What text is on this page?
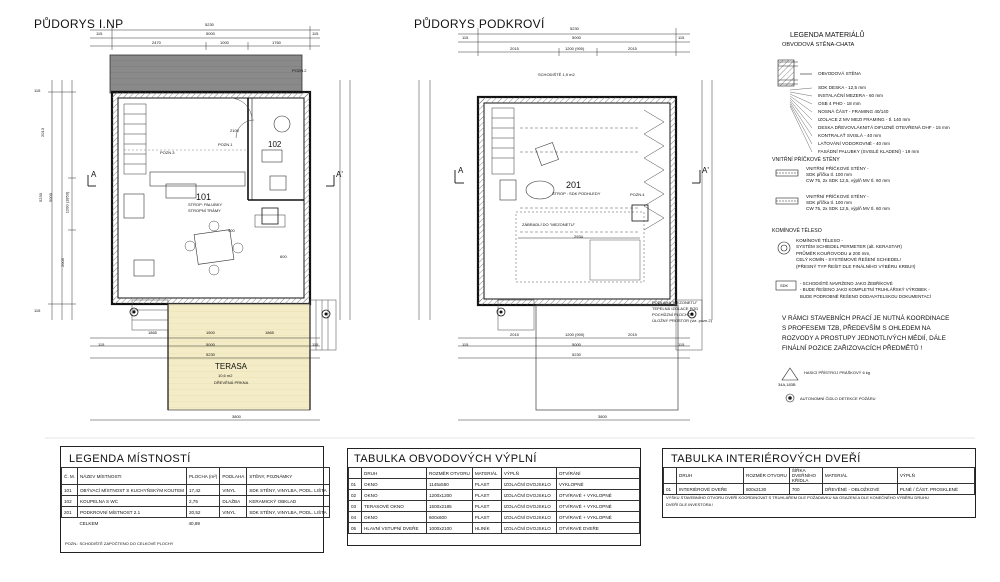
PŮDORYS I.NP	5230
115	5000	115
2470	1000	1760
115
2013
5000
5230	1200 (1850)
2005
115
1865	1500	1865
115	5000	115
5230
3800
101
STROP: PALUBKY
STROPNÍ TRÁMY
102
POZN.2
POZN.1
POZN.3
2100
900
600
TERASA
10,6 m2
DŘEVĚNÁ PRKNA
A	A'
PŮDORYS PODKROVÍ	5230
115	5000	115
2015	1200 (900)	2015
2015	1200 (900)	2015
115	5000	115
5230
3800
SCHODIŠTĚ 1,9 m2
201
STROP : SDK PODHLEDY	POZN.4
ZÁBRADLÍ DO "MEZONETU"
2934
PODLAHA "MEZONETU"
TEPELNÁ IZOLACE POD
POCHŮZNÍ PLOCHOU,
ÚLOŽNÝ PROSTOR (viz. pozn.2)
A	A'
LEGENDA MATERIÁLŮ
OBVODOVÁ STĚNA-CHATA
OBVODOVÁ STĚNA
SDK DESKA - 12,5 mm
INSTALAČNÍ MEZERA - 60 mm
OSB 4 PHD - 18 mm
NOSNÁ ČÁST - FRAMING 40/140
IZOLACE Z MV MEZI FRAMING - tl. 140 mm
DESKA DŘEVOVLÁKNITÁ DIFUZNĚ OTEVŘENÁ DHF - 15 mm
KONTRALAŤ SVISLÁ - 40 mm
LAŤOVÁNÍ VODOROVNÉ - 40 mm
FASÁDNÍ PALUBKY (SVISLÉ KLADENÍ) - 19 mm
VNITŘNÍ PŘÍČKOVÉ STĚNY
VNITŘNÍ PŘÍČKOVÉ STĚNY -
SDK příčka tl. 100 mm
CW 75, 2x SDK 12,5, výplň MV tl. 60 mm
VNITŘNÍ PŘÍČKOVÉ STĚNY -
SDK příčka tl. 100 mm
CW 75, 2x SDK 12,5, výplň MV tl. 60 mm
KOMÍNOVÉ TĚLESO
KOMÍNOVÉ TĚLESO -
SYSTÉM SCHIEDEL PERMETER (alt. KERASTAR)
PRŮMĚR KOUŘOVODU ø 200 mm,
CELÝ KOMÍN - SYSTÉMOVÉ ŘEŠENÍ SCHIEDEL!
(PŘESNÝ TYP ŘEŠIT DLE FINÁLNÍHO VÝBĚRU KRBU!!)
SDK	- SCHODIŠTĚ NAVRŽENO JAKO ŽEBŘÍKOVÉ
- BUDE ŘEŠENO JAKO KOMPLETNÍ TRUHLÁŘSKÝ VÝROBEK -
BUDE PODROBNĚ ŘEŠENO DODAVATELSKOU DOKUMENTACÍ
V RÁMCI STAVEBNÍCH PRACÍ JE NUTNÁ KOORDINACE
S PROFESEMI TZB, PŘEDEVŠÍM S OHLEDEM NA
ROZVODY A PROSTUPY JEDNOTLIVÝCH MÉDIÍ, DÁLE
FINÁLNÍ POZICE ZAŘIZOVACÍCH PŘEDMĚTŮ !
HASICÍ PŘÍSTROJ PRÁŠKOVÝ 6 kg
34A,183B
AUTONOMNÍ ČIDLO DETEKCE POŽÁRU
LEGENDA MÍSTNOSTÍ
Č. M.	NÁZEV MÍSTNOSTI	PLOCHA (m²)	PODLAHA	STĚNY, POZNÁMKY
101	OBÝVACÍ MÍSTNOST S KUCHYŇSKÝM KOUTEM	17,42	VINYL	SDK STĚNY, VINYLBA, PODL. LIŠTA
102	KOUPELNA S WC	2,75	DLAŽBA	KERAMICKÝ OBKLAD
201	PODKROVNÍ MÍSTNOST 2.1	20,52	VINYL	SDK STĚNY, VINYLBA, PODL. LIŠTA
	CELKEM	40,69		
POZN.: SCHODIŠTĚ ZAPOČTENO DO CELKOVÉ PLOCHY
TABULKA OBVODOVÝCH VÝPLNÍ
	DRUH	ROZMĚR OTVORU	MATERIÁL	VÝPLŇ	OTVÍRÁNÍ
01	OKNO	1145x550	PLAST	IZOLAČNÍ DVOJSKLO	VYKLOPNÉ
02	OKNO	1200x1200	PLAST	IZOLAČNÍ DVOJSKLO	OTVÍRAVÉ + VYKLOPNÉ
03	TERASOVÉ OKNO	1500x2185	PLAST	IZOLAČNÍ DVOJSKLO	OTVÍRAVÉ + VYKLOPNÉ
04	OKNO	600x600	PLAST	IZOLAČNÍ DVOJSKLO	OTVÍRAVÉ + VYKLOPNÉ
05	HLAVNÍ VSTUPNÍ DVEŘE	1000x2100	HLINÍK	IZOLAČNÍ DVOJSKLO	OTVÍRAVÉ DVEŘE
TABULKA INTERIÉROVÝCH DVEŘÍ
	DRUH	ROZMĚR OTVORU	ŠÍŘKA DVEŘNÍHO KŘÍDLA	MATERIÁL	VÝPLŇ
01	INTERIÉROVÉ DVEŘE	800x2130	700	DŘEVĚNÉ - OBLOŽKOVÉ	PLNÉ / ČÁST. PROSKLENÉ
VÝŠKU STAVEBNÍHO OTVORU DVEŘÍ KOORDINOVAT S TRUHLÁŘEM DLE POŽADAVKU NA OSAZENÍ A DLE KONEČNÉHO VÝBĚRU DRUHU
DVEŘÍ DLE INVESTORA !
